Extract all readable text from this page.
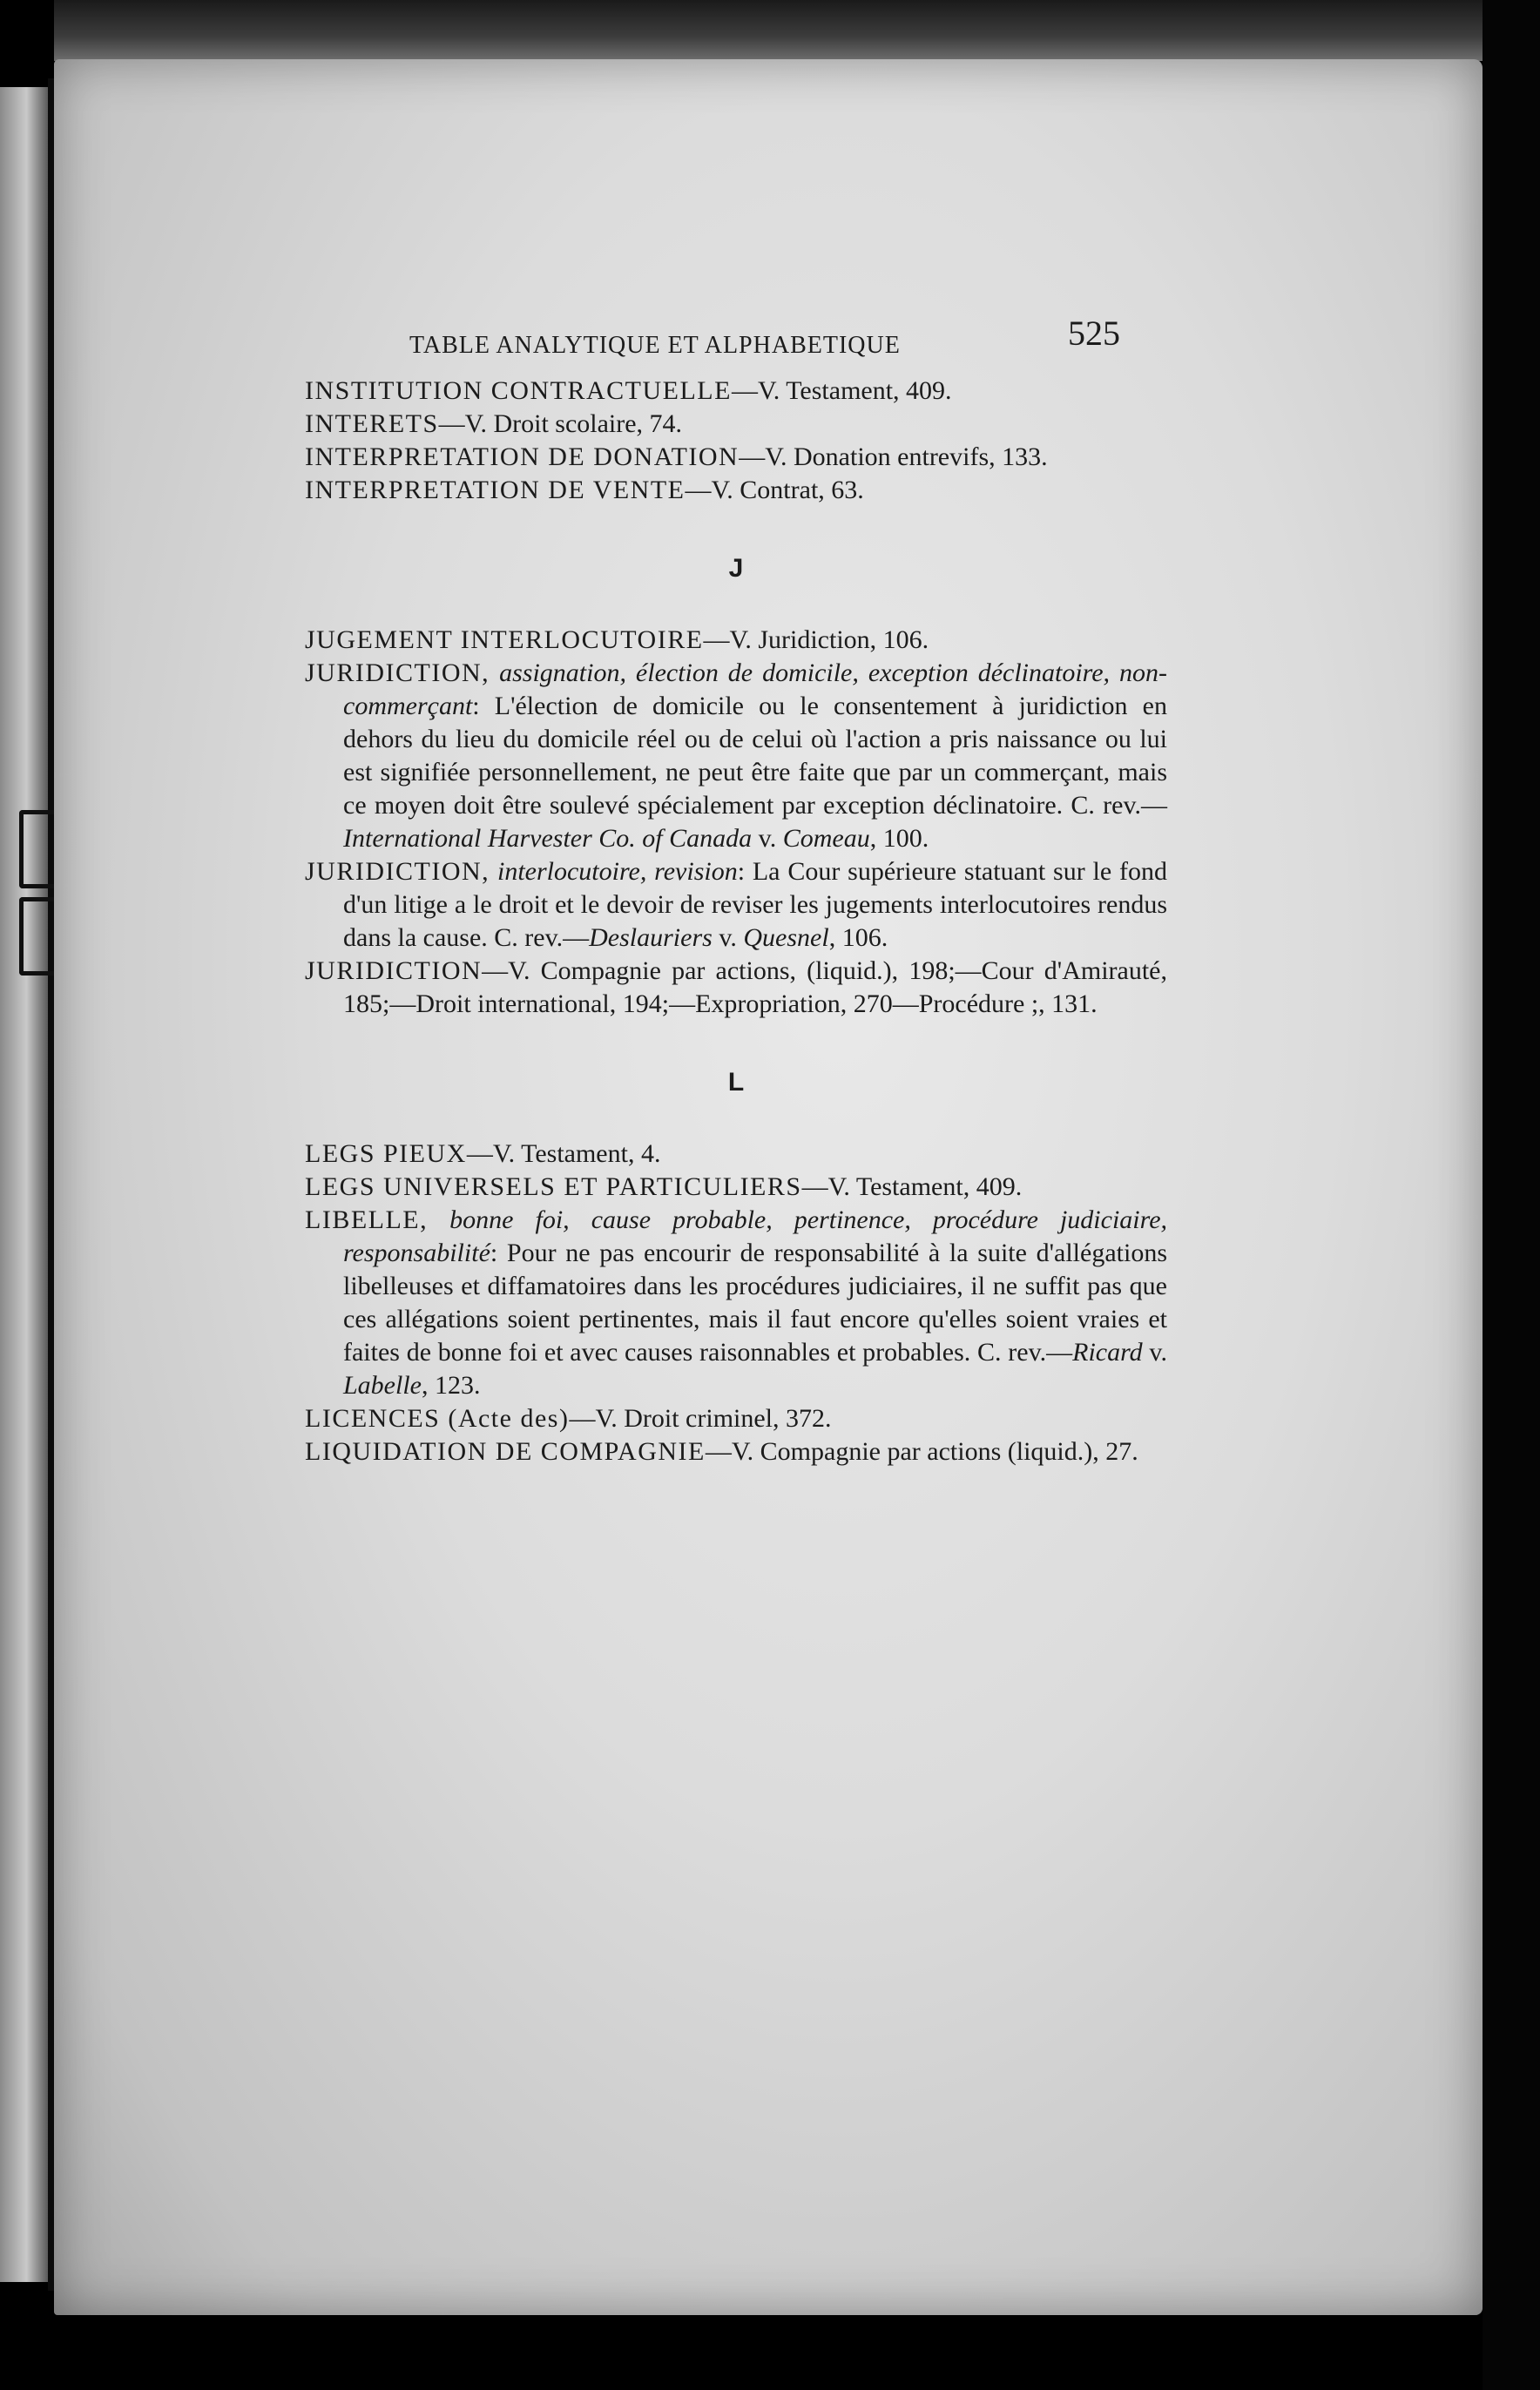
TABLE ANALYTIQUE ET ALPHABETIQUE	525

INSTITUTION CONTRACTUELLE—V. Testament, 409.

INTERETS—V. Droit scolaire, 74.

INTERPRETATION DE DONATION—V. Donation entrevifs, 133.

INTERPRETATION DE VENTE—V. Contrat, 63.

J

JUGEMENT INTERLOCUTOIRE—V. Juridiction, 106.

JURIDICTION, assignation, élection de domicile, exception déclinatoire, non-commerçant: L'élection de domicile ou le consentement à juridiction en dehors du lieu du domicile réel ou de celui où l'action a pris naissance ou lui est signifiée personnellement, ne peut être faite que par un commerçant, mais ce moyen doit être soulevé spécialement par exception déclinatoire. C. rev.—International Harvester Co. of Canada v. Comeau, 100.

JURIDICTION, interlocutoire, revision: La Cour supérieure statuant sur le fond d'un litige a le droit et le devoir de reviser les jugements interlocutoires rendus dans la cause. C. rev.—Deslauriers v. Quesnel, 106.

JURIDICTION—V. Compagnie par actions, (liquid.), 198;—Cour d'Amirauté, 185;—Droit international, 194;—Expropriation, 270—Procédure ;, 131.

L

LEGS PIEUX—V. Testament, 4.

LEGS UNIVERSELS ET PARTICULIERS—V. Testament, 409.

LIBELLE, bonne foi, cause probable, pertinence, procédure judiciaire, responsabilité: Pour ne pas encourir de responsabilité à la suite d'allégations libelleuses et diffamatoires dans les procédures judiciaires, il ne suffit pas que ces allégations soient pertinentes, mais il faut encore qu'elles soient vraies et faites de bonne foi et avec causes raisonnables et probables. C. rev.—Ricard v. Labelle, 123.

LICENCES (Acte des)—V. Droit criminel, 372.

LIQUIDATION DE COMPAGNIE—V. Compagnie par actions (liquid.), 27.
